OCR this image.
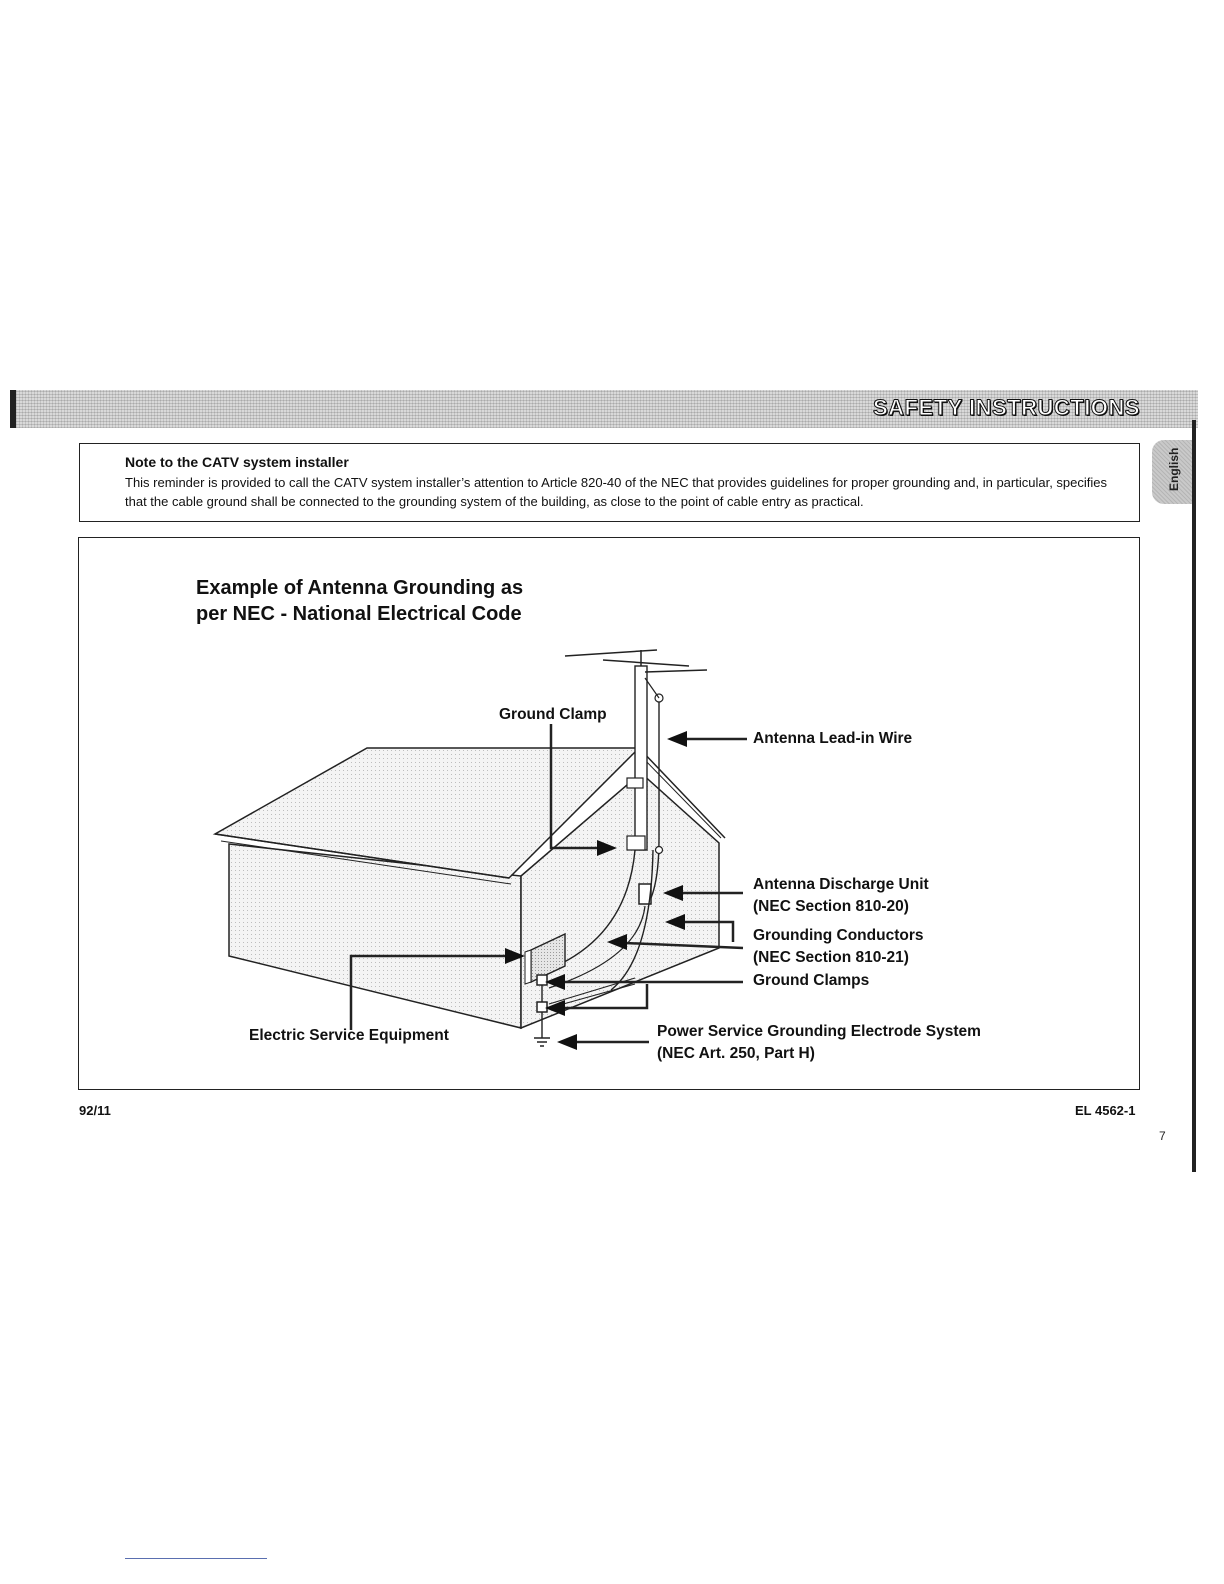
SAFETY INSTRUCTIONS
English
Note to the CATV system installer
This reminder is provided to call the CATV system installer’s attention to Article 820-40 of the NEC that provides guidelines for proper grounding and, in particular, specifies that the cable ground shall be connected to the grounding system of the building, as close to the point of cable entry as practical.
Example of Antenna Grounding as
per NEC - National Electrical Code
Ground Clamp
Antenna Lead-in Wire
Antenna Discharge Unit
(NEC Section 810-20)
Grounding Conductors
(NEC Section 810-21)
Ground Clamps
Electric Service Equipment	Power Service Grounding Electrode System
(NEC Art. 250, Part H)
92/11	EL 4562-1
7
